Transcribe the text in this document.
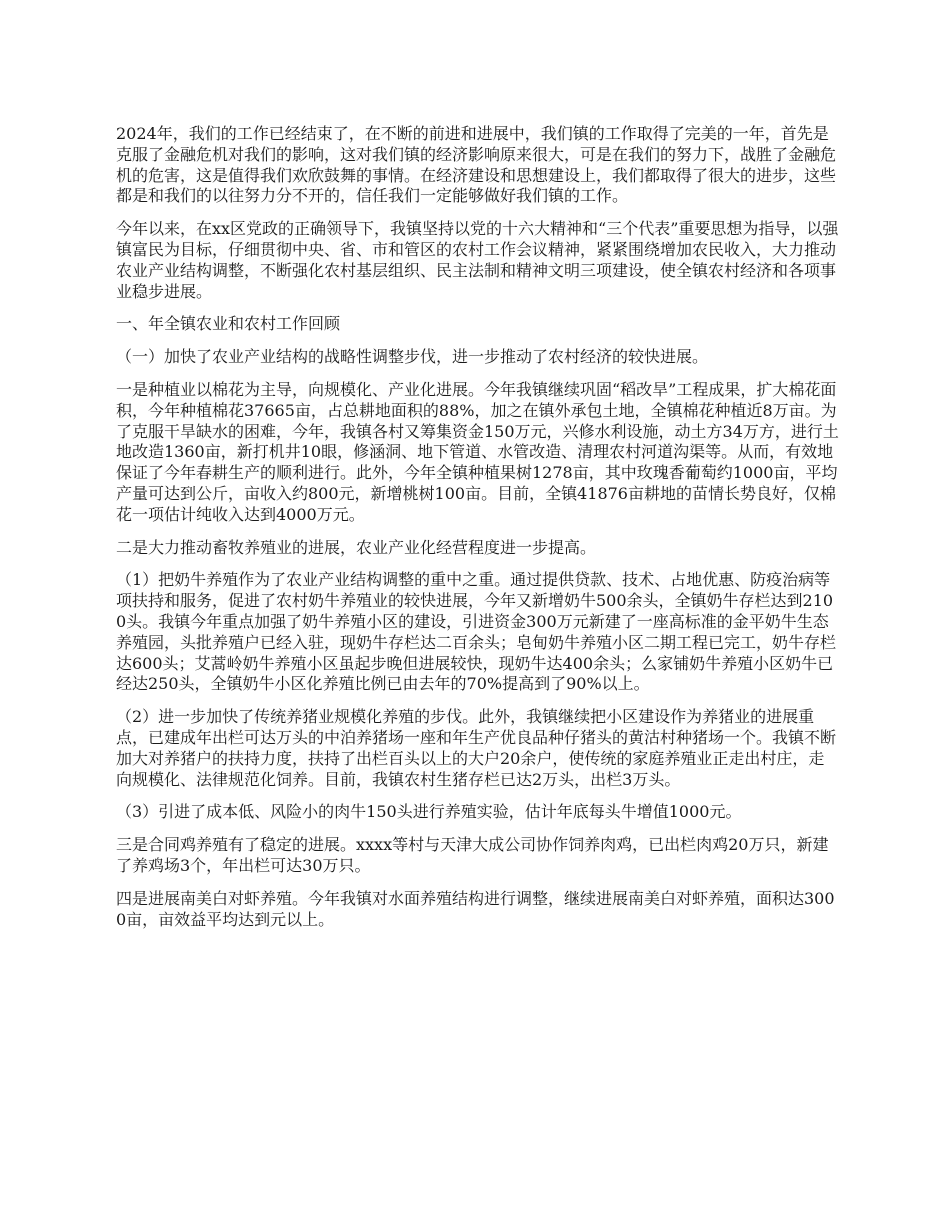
2024年，我们的工作已经结束了，在不断的前进和进展中，我们镇的工作取得了完美的一年，首先是克服了金融危机对我们的影响，这对我们镇的经济影响原来很大，可是在我们的努力下，战胜了金融危机的危害，这是值得我们欢欣鼓舞的事情。在经济建设和思想建设上，我们都取得了很大的进步，这些都是和我们的以往努力分不开的，信任我们一定能够做好我们镇的工作。

今年以来，在xx区党政的正确领导下，我镇坚持以党的十六大精神和“三个代表”重要思想为指导，以强镇富民为目标，仔细贯彻中央、省、市和管区的农村工作会议精神，紧紧围绕增加农民收入，大力推动农业产业结构调整，不断强化农村基层组织、民主法制和精神文明三项建设，使全镇农村经济和各项事业稳步进展。

一、年全镇农业和农村工作回顾

（一）加快了农业产业结构的战略性调整步伐，进一步推动了农村经济的较快进展。

一是种植业以棉花为主导，向规模化、产业化进展。今年我镇继续巩固“稻改旱”工程成果，扩大棉花面积，今年种植棉花37665亩，占总耕地面积的88%，加之在镇外承包土地，全镇棉花种植近8万亩。为了克服干旱缺水的困难，今年，我镇各村又筹集资金150万元，兴修水利设施，动土方34万方，进行土地改造1360亩，新打机井10眼，修涵洞、地下管道、水管改造、清理农村河道沟渠等。从而，有效地保证了今年春耕生产的顺利进行。此外，今年全镇种植果树1278亩，其中玫瑰香葡萄约1000亩，平均产量可达到公斤，亩收入约800元，新增桃树100亩。目前，全镇41876亩耕地的苗情长势良好，仅棉花一项估计纯收入达到4000万元。

二是大力推动畜牧养殖业的进展，农业产业化经营程度进一步提高。

（1）把奶牛养殖作为了农业产业结构调整的重中之重。通过提供贷款、技术、占地优惠、防疫治病等项扶持和服务，促进了农村奶牛养殖业的较快进展，今年又新增奶牛500余头，全镇奶牛存栏达到2100头。我镇今年重点加强了奶牛养殖小区的建设，引进资金300万元新建了一座高标准的金平奶牛生态养殖园，头批养殖户已经入驻，现奶牛存栏达二百余头；皂甸奶牛养殖小区二期工程已完工，奶牛存栏达600头；艾蒿岭奶牛养殖小区虽起步晚但进展较快，现奶牛达400余头；么家铺奶牛养殖小区奶牛已经达250头，全镇奶牛小区化养殖比例已由去年的70%提高到了90%以上。

（2）进一步加快了传统养猪业规模化养殖的步伐。此外，我镇继续把小区建设作为养猪业的进展重点，已建成年出栏可达万头的中泊养猪场一座和年生产优良品种仔猪头的黄沽村种猪场一个。我镇不断加大对养猪户的扶持力度，扶持了出栏百头以上的大户20余户，使传统的家庭养殖业正走出村庄，走向规模化、法律规范化饲养。目前，我镇农村生猪存栏已达2万头，出栏3万头。

（3）引进了成本低、风险小的肉牛150头进行养殖实验，估计年底每头牛增值1000元。

三是合同鸡养殖有了稳定的进展。xxxx等村与天津大成公司协作饲养肉鸡，已出栏肉鸡20万只，新建了养鸡场3个，年出栏可达30万只。

四是进展南美白对虾养殖。今年我镇对水面养殖结构进行调整，继续进展南美白对虾养殖，面积达3000亩，亩效益平均达到元以上。
